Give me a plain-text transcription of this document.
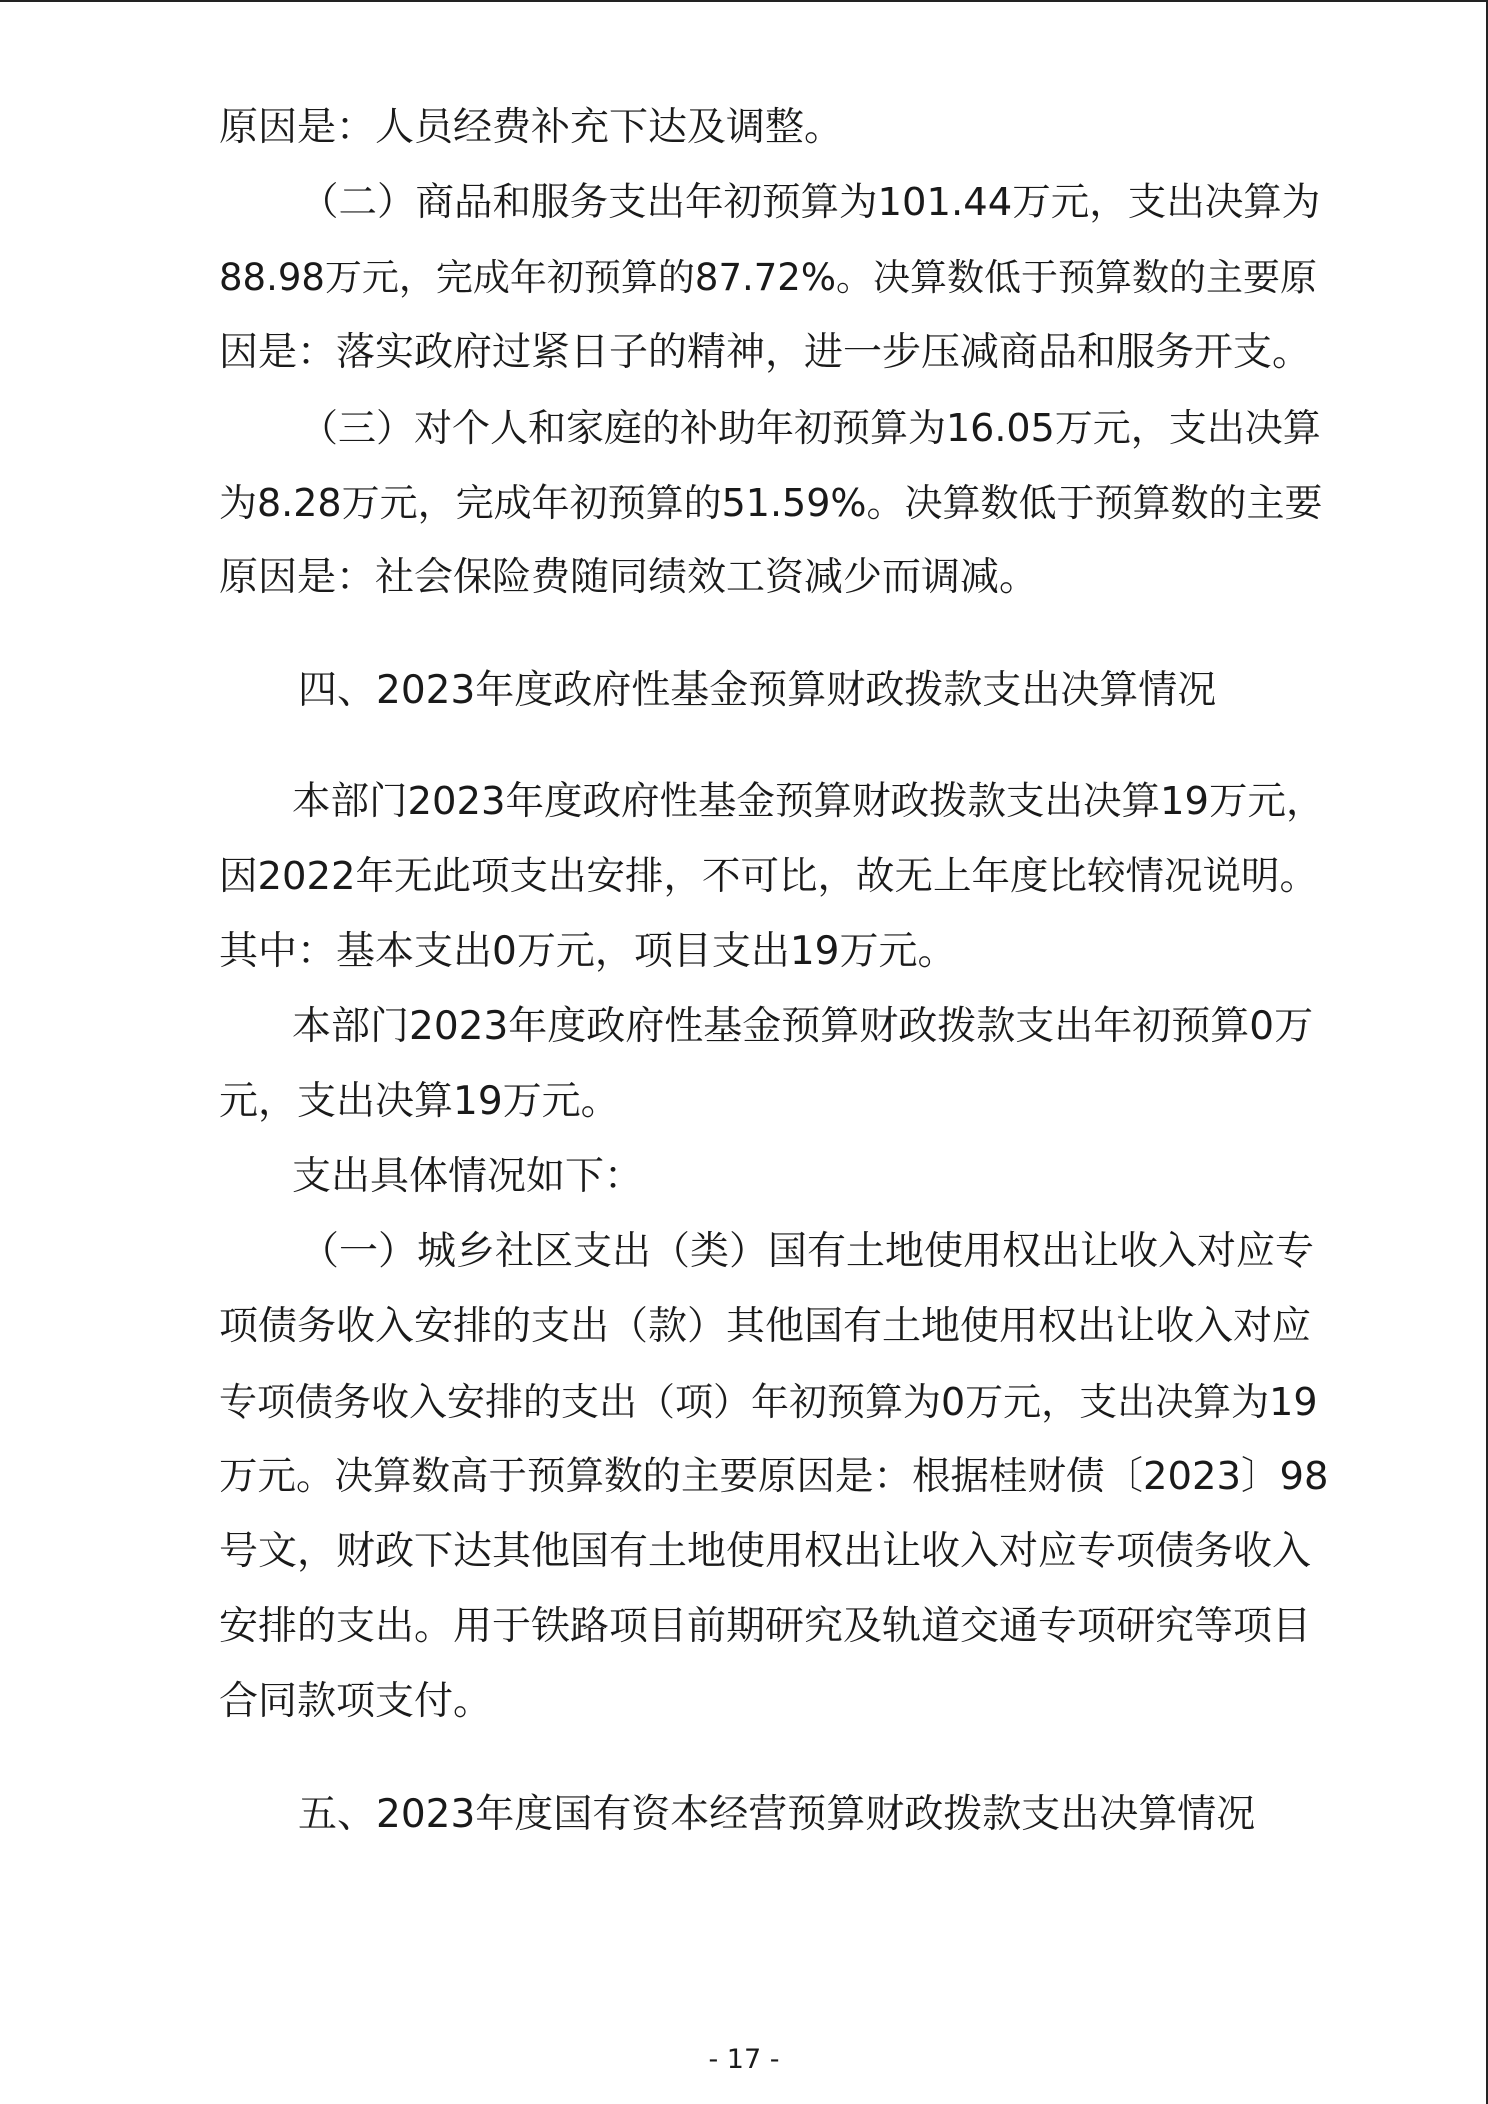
原因是：人员经费补充下达及调整。
（二）商品和服务支出年初预算为101.44万元，支出决算为
88.98万元，完成年初预算的87.72%。决算数低于预算数的主要原
因是：落实政府过紧日子的精神，进一步压减商品和服务开支。
（三）对个人和家庭的补助年初预算为16.05万元，支出决算
为8.28万元，完成年初预算的51.59%。决算数低于预算数的主要
原因是：社会保险费随同绩效工资减少而调减。
四、2023年度政府性基金预算财政拨款支出决算情况
本部门2023年度政府性基金预算财政拨款支出决算19万元，
因2022年无此项支出安排，不可比，故无上年度比较情况说明。
其中：基本支出0万元，项目支出19万元。
本部门2023年度政府性基金预算财政拨款支出年初预算0万
元，支出决算19万元。
支出具体情况如下：
（一）城乡社区支出（类）国有土地使用权出让收入对应专
项债务收入安排的支出（款）其他国有土地使用权出让收入对应
专项债务收入安排的支出（项）年初预算为0万元，支出决算为19
万元。决算数高于预算数的主要原因是：根据桂财债〔2023〕98
号文，财政下达其他国有土地使用权出让收入对应专项债务收入
安排的支出。用于铁路项目前期研究及轨道交通专项研究等项目
合同款项支付。
五、2023年度国有资本经营预算财政拨款支出决算情况
- 17 -
